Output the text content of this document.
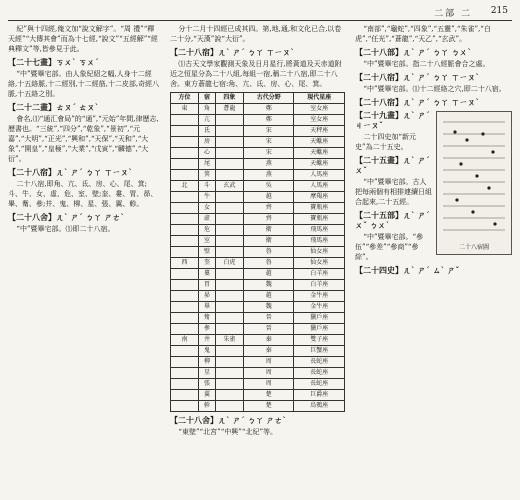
二部 二 215

紀”與十四經,俺文加“說文解字”。“周 禮”“釋天經”“大傳其會”而為十七經,“說文”“五經解”“經典釋文”等,皆參見于此。

【二十七畫】ㄎㄨˋ ㄎㄨˊ

“中”暨畢宅部。由人象紀紹之幅,人身十二經絡,十五絡脈,十二經別,十二經筋,十二皮部,奇經八脈,十五絡之別。

【二十二畫】ㄊㄡˊ ㄊㄡˋ

會名,⑴“通汇會局”的“通”,“元始”年間,律歷志,歷書也。“三統”,“四分”,“乾象”,“景初”,“元嘉”,“大明”,“正光”,“興和”,“天保”,“天和”,“大象”,“開皇”,“皇極”,“大業”,“戊寅”,“麟德”,“大衍”。

【二十八宿】ㄦˋ ㄕˊ ㄅㄚ ㄒㄧㄡˋ

二十八宿,即角、亢、氐、房、心、尾、箕;斗、牛、女、虛、危、室、壁;奎、婁、胃、昴、畢、觜、參;井、鬼、柳、星、張、翼、軫。

【二十八舍】ㄦˋ ㄕˊ ㄅㄚ ㄕㄜˋ

“中”暨畢宅部。⑴即二十八宿。

分十二月十四經已成其四。第,地,通,和文化已合,以卷二十分,“天漢”說“大衍”。

【二十八宿】ㄦˋ ㄕˊ ㄅㄚ ㄒㄧㄡˋ

⑴古天文學家觀測天象及日月星行,將黃道及天赤道附近之恒星分為二十八組,每組一宿,稱二十八宿,即二十八舍。東方蒼龍七宿:角、亢、氐、房、心、尾、箕。

方位	宿	四象	古代分野	現代星座
東	角	蒼龍	鄭	室女座
	亢		鄭	室女座
	氐		宋	天秤座
	房		宋	天蠍座
	心		宋	天蠍座
	尾		燕	天蠍座
	箕		燕	人馬座
北	斗	玄武	吳	人馬座
	牛		越	摩羯座
	女		齊	寶瓶座
	虛		齊	寶瓶座
	危		衛	飛馬座
	室		衛	飛馬座
	壁		魯	仙女座
西	奎	白虎	魯	仙女座
	婁		趙	白羊座
	胃		魏	白羊座
	昴		趙	金牛座
	畢		魏	金牛座
	觜		晉	獵戶座
	參		晉	獵戶座
南	井	朱雀	秦	雙子座
	鬼		秦	巨蟹座
	柳		周	長蛇座
	星		周	長蛇座
	張		周	長蛇座
	翼		楚	巨爵座
	軫		楚	烏鴉座
【二十八舍】ㄦˋ ㄕˊ ㄅㄚ ㄕㄜˋ

“東壁”“北宮”“中興”“北紀”等。

“南部”,“龜蛇”,“四象”,“五靈”,“朱雀”,“白虎”,“任光”,“蒼龍”,“天乙”,“玄武”。

【二十八部】ㄦˋ ㄕˊ ㄅㄚ ㄅㄨˋ

“中”暨畢宅部。指二十八經脈會合之處。

【二十八宿】ㄦˋ ㄕˊ ㄅㄚ ㄒㄧㄡˋ

“中”暨畢宅部。⑴十二經絡之穴,即二十八宿。

【二十八宿】ㄦˋ ㄕˊ ㄅㄚ ㄒㄧㄡˋ
二十八宿圖
【二十九畫】ㄦˋ ㄕˊ ㄐㄧㄡˇ

二十四史加“新元史”為二十五史。

【二十五畫】ㄦˋ ㄕˊ ㄨˇ

“中”暨畢宅部。古人把每兩個有相排連續日組合起來,二十五經。

【二十五部】ㄦˋ ㄕˊ ㄨˇ ㄅㄨˋ

“中”暨畢宅部。“參伍”“參差”“參商”“參綜”。

【二十四史】ㄦˋ ㄕˊ ㄙˋ ㄕˇ
